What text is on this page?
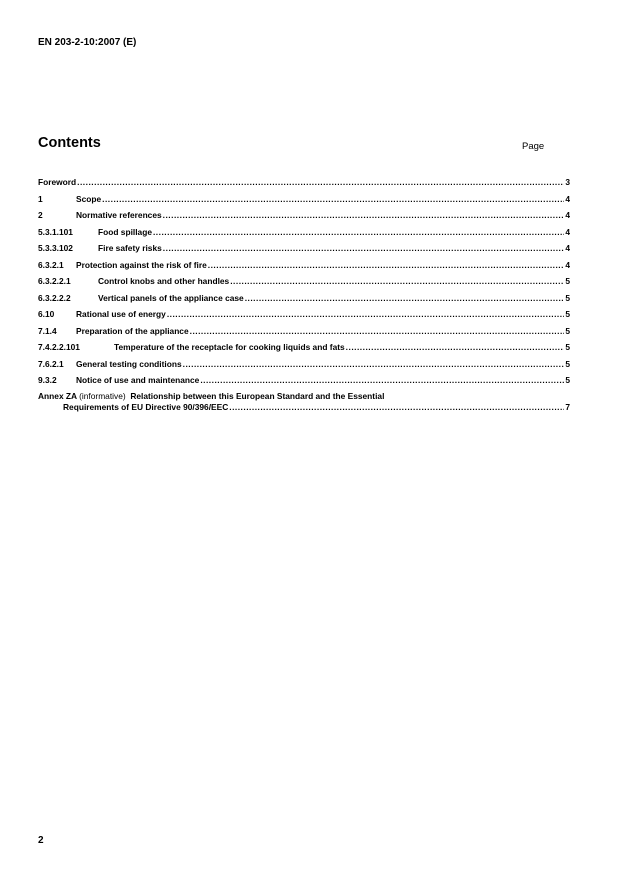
EN 203-2-10:2007 (E)
Contents	Page
Foreword .....	3
1	Scope .....	4
2	Normative references .....	4
5.3.1.101	Food spillage .....	4
5.3.3.102	Fire safety risks .....	4
6.3.2.1	Protection against the risk of fire .....	4
6.3.2.2.1	Control knobs and other handles .....	5
6.3.2.2.2	Vertical panels of the appliance case .....	5
6.10	Rational use of energy .....	5
7.1.4	Preparation of the appliance .....	5
7.4.2.2.101	Temperature of the receptacle for cooking liquids and fats .....	5
7.6.2.1	General testing conditions .....	5
9.3.2	Notice of use and maintenance .....	5
Annex ZA (informative) Relationship between this European Standard and the Essential
Requirements of EU Directive 90/396/EEC .....	7
2
